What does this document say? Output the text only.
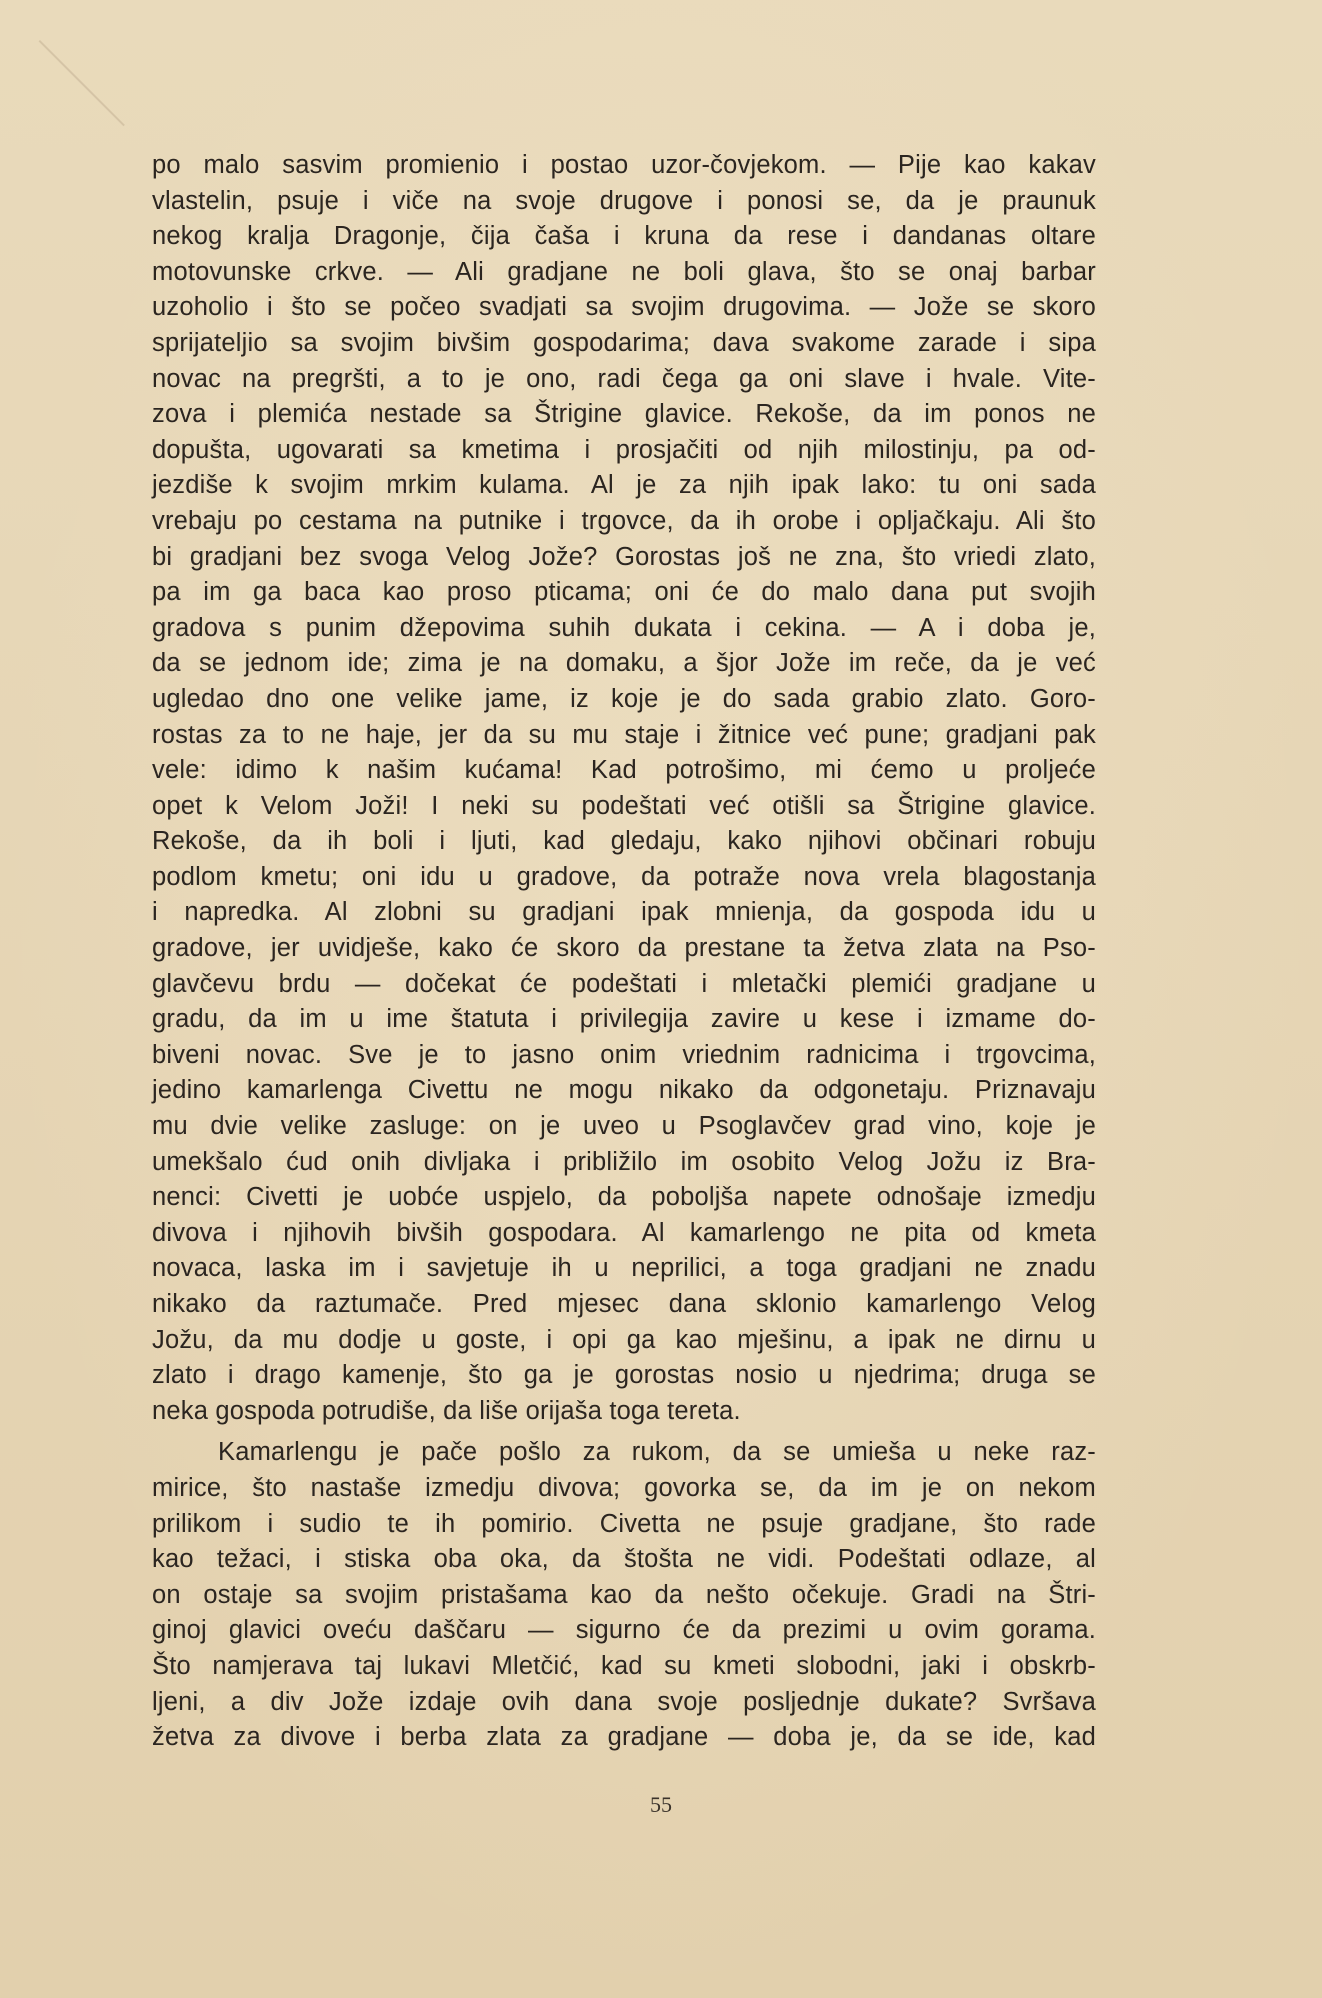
po malo sasvim promienio i postao uzor-čovjekom. — Pije kao kakav
vlastelin, psuje i viče na svoje drugove i ponosi se, da je praunuk
nekog kralja Dragonje, čija čaša i kruna da rese i dandanas oltare
motovunske crkve. — Ali gradjane ne boli glava, što se onaj barbar
uzoholio i što se počeo svadjati sa svojim drugovima. — Jože se skoro
sprijateljio sa svojim bivšim gospodarima; dava svakome zarade i sipa
novac na pregršti, a to je ono, radi čega ga oni slave i hvale. Vite-
zova i plemića nestade sa Štrigine glavice. Rekoše, da im ponos ne
dopušta, ugovarati sa kmetima i prosjačiti od njih milostinju, pa od-
jezdiše k svojim mrkim kulama. Al je za njih ipak lako: tu oni sada
vrebaju po cestama na putnike i trgovce, da ih orobe i opljačkaju. Ali što
bi gradjani bez svoga Velog Jože? Gorostas još ne zna, što vriedi zlato,
pa im ga baca kao proso pticama; oni će do malo dana put svojih
gradova s punim džepovima suhih dukata i cekina. — A i doba je,
da se jednom ide; zima je na domaku, a šjor Jože im reče, da je već
ugledao dno one velike jame, iz koje je do sada grabio zlato. Goro-
rostas za to ne haje, jer da su mu staje i žitnice već pune; gradjani pak
vele: idimo k našim kućama! Kad potrošimo, mi ćemo u proljeće
opet k Velom Joži! I neki su podeštati već otišli sa Štrigine glavice.
Rekoše, da ih boli i ljuti, kad gledaju, kako njihovi občinari robuju
podlom kmetu; oni idu u gradove, da potraže nova vrela blagostanja
i napredka. Al zlobni su gradjani ipak mnienja, da gospoda idu u
gradove, jer uvidješe, kako će skoro da prestane ta žetva zlata na Pso-
glavčevu brdu — dočekat će podeštati i mletački plemići gradjane u
gradu, da im u ime štatuta i privilegija zavire u kese i izmame do-
biveni novac. Sve je to jasno onim vriednim radnicima i trgovcima,
jedino kamarlenga Civettu ne mogu nikako da odgonetaju. Priznavaju
mu dvie velike zasluge: on je uveo u Psoglavčev grad vino, koje je
umekšalo ćud onih divljaka i približilo im osobito Velog Jožu iz Bra-
nenci: Civetti je uobće uspjelo, da poboljša napete odnošaje izmedju
divova i njihovih bivših gospodara. Al kamarlengo ne pita od kmeta
novaca, laska im i savjetuje ih u neprilici, a toga gradjani ne znadu
nikako da raztumače. Pred mjesec dana sklonio kamarlengo Velog
Jožu, da mu dodje u goste, i opi ga kao mješinu, a ipak ne dirnu u
zlato i drago kamenje, što ga je gorostas nosio u njedrima; druga se
neka gospoda potrudiše, da liše orijaša toga tereta.
Kamarlengu je pače pošlo za rukom, da se umieša u neke raz-
mirice, što nastaše izmedju divova; govorka se, da im je on nekom
prilikom i sudio te ih pomirio. Civetta ne psuje gradjane, što rade
kao težaci, i stiska oba oka, da štošta ne vidi. Podeštati odlaze, al
on ostaje sa svojim pristašama kao da nešto očekuje. Gradi na Štri-
ginoj glavici oveću daščaru — sigurno će da prezimi u ovim gorama.
Što namjerava taj lukavi Mletčić, kad su kmeti slobodni, jaki i obskrb-
ljeni, a div Jože izdaje ovih dana svoje posljednje dukate? Svršava
žetva za divove i berba zlata za gradjane — doba je, da se ide, kad
55
